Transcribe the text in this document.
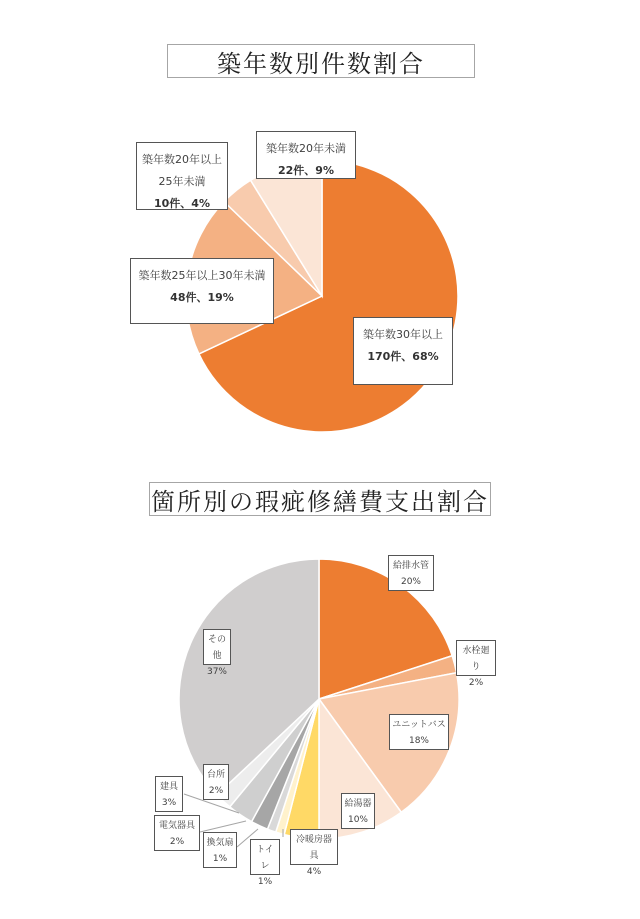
築年数別件数割合
箇所別の瑕疵修繕費支出割合
築年数30年以上
170件、68%
築年数25年以上30年未満
48件、19%
築年数20年以上
25年未満
10件、4%
築年数20年未満
22件、9%
給排水管
20%
水栓廻り
2%
ユニットバス
18%
給湯器
10%
冷暖房器具
4%
トイレ
1%
換気扇
1%
電気器具
2%
建具
3%
台所
2%
その他
37%
